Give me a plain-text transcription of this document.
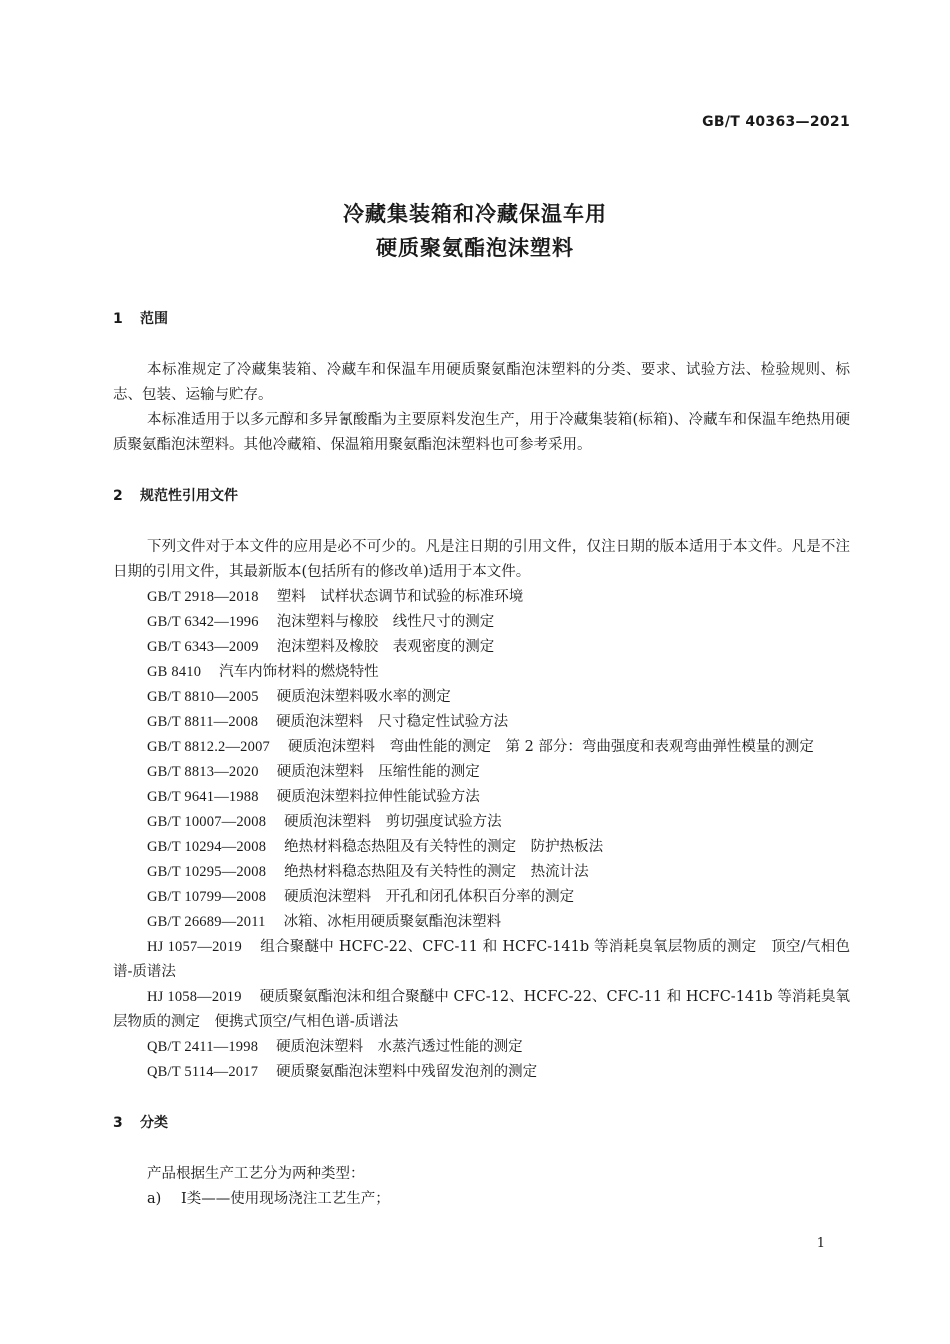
GB/T 40363—2021
冷藏集装箱和冷藏保温车用
硬质聚氨酯泡沫塑料
1 范围

本标准规定了冷藏集装箱、冷藏车和保温车用硬质聚氨酯泡沫塑料的分类、要求、试验方法、检验规则、标志、包装、运输与贮存。

本标准适用于以多元醇和多异氰酸酯为主要原料发泡生产，用于冷藏集装箱(标箱)、冷藏车和保温车绝热用硬质聚氨酯泡沫塑料。其他冷藏箱、保温箱用聚氨酯泡沫塑料也可参考采用。

2 规范性引用文件

下列文件对于本文件的应用是必不可少的。凡是注日期的引用文件，仅注日期的版本适用于本文件。凡是不注日期的引用文件，其最新版本(包括所有的修改单)适用于本文件。

GB/T 2918—2018 塑料　试样状态调节和试验的标准环境

GB/T 6342—1996 泡沫塑料与橡胶　线性尺寸的测定

GB/T 6343—2009 泡沫塑料及橡胶　表观密度的测定

GB 8410 汽车内饰材料的燃烧特性

GB/T 8810—2005 硬质泡沫塑料吸水率的测定

GB/T 8811—2008 硬质泡沫塑料　尺寸稳定性试验方法

GB/T 8812.2—2007 硬质泡沫塑料　弯曲性能的测定　第 2 部分：弯曲强度和表观弯曲弹性模量的测定

GB/T 8813—2020 硬质泡沫塑料　压缩性能的测定

GB/T 9641—1988 硬质泡沫塑料拉伸性能试验方法

GB/T 10007—2008 硬质泡沫塑料　剪切强度试验方法

GB/T 10294—2008 绝热材料稳态热阻及有关特性的测定　防护热板法

GB/T 10295—2008 绝热材料稳态热阻及有关特性的测定　热流计法

GB/T 10799—2008 硬质泡沫塑料　开孔和闭孔体积百分率的测定

GB/T 26689—2011 冰箱、冰柜用硬质聚氨酯泡沫塑料

HJ 1057—2019 组合聚醚中 HCFC-22、CFC-11 和 HCFC-141b 等消耗臭氧层物质的测定　顶空/气相色谱-质谱法

HJ 1058—2019 硬质聚氨酯泡沫和组合聚醚中 CFC-12、HCFC-22、CFC-11 和 HCFC-141b 等消耗臭氧层物质的测定　便携式顶空/气相色谱-质谱法

QB/T 2411—1998 硬质泡沫塑料　水蒸汽透过性能的测定

QB/T 5114—2017 硬质聚氨酯泡沫塑料中残留发泡剂的测定

3 分类

产品根据生产工艺分为两种类型：

a) Ⅰ类——使用现场浇注工艺生产；

1
